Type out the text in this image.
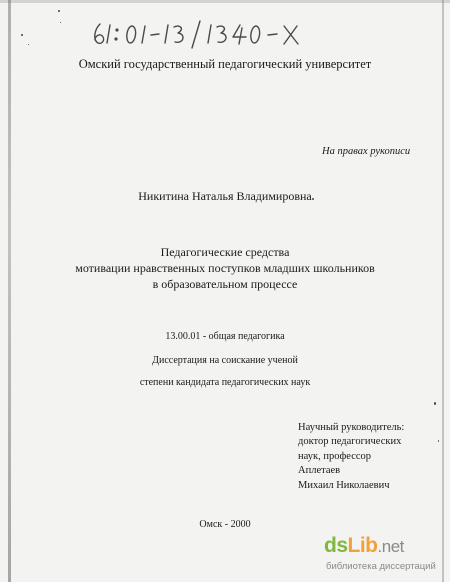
Омский государственный педагогический университет
На правах рукописи
Никитина Наталья Владимировна
Педагогические средства
мотивации нравственных поступков младших школьников
в образовательном процессе
13.00.01 - общая педагогика
Диссертация на соискание ученой
степени кандидата педагогических наук
Научный руководитель:
доктор педагогических
наук, профессор
Аплетаев
Михаил Николаевич
Омск - 2000
dsLib.net
библиотека диссертаций
